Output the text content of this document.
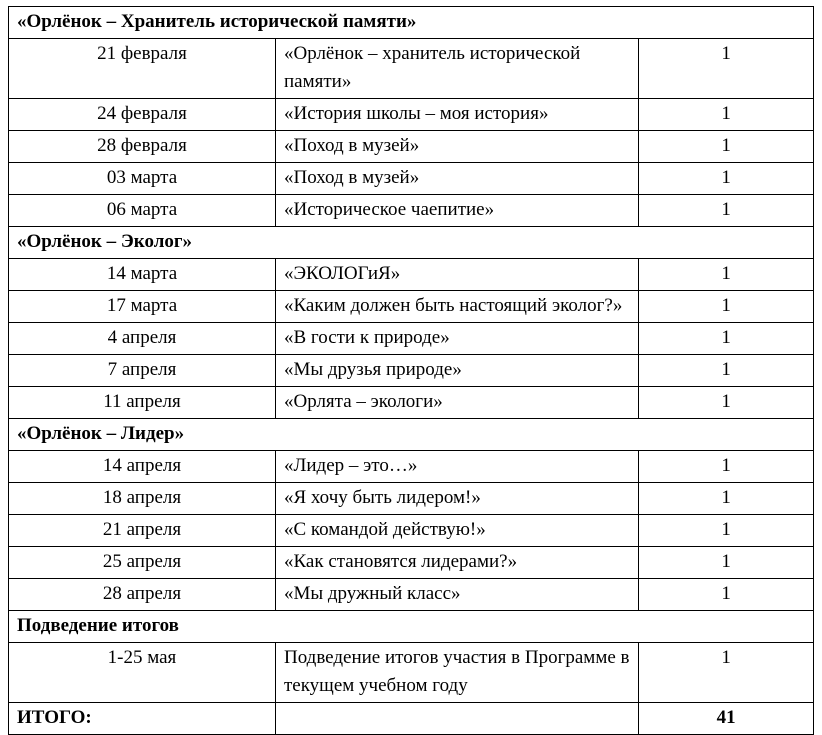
«Орлёнок – Хранитель исторической памяти»		
21 февраля	«Орлёнок – хранитель исторической памяти»	1
24 февраля	«История школы – моя история»	1
28 февраля	«Поход в музей»	1
03 марта	«Поход в музей»	1
06 марта	«Историческое чаепитие»	1
«Орлёнок – Эколог»		
14 марта	«ЭКОЛОГиЯ»	1
17 марта	«Каким должен быть настоящий эколог?»	1
4 апреля	«В гости к природе»	1
7 апреля	«Мы друзья природе»	1
11 апреля	«Орлята – экологи»	1
«Орлёнок – Лидер»		
14 апреля	«Лидер – это…»	1
18 апреля	«Я хочу быть лидером!»	1
21 апреля	«С командой действую!»	1
25 апреля	«Как становятся лидерами?»	1
28 апреля	«Мы дружный класс»	1
Подведение итогов		
1-25 мая	Подведение итогов участия в Программе в текущем учебном году	1
ИТОГО:		41
